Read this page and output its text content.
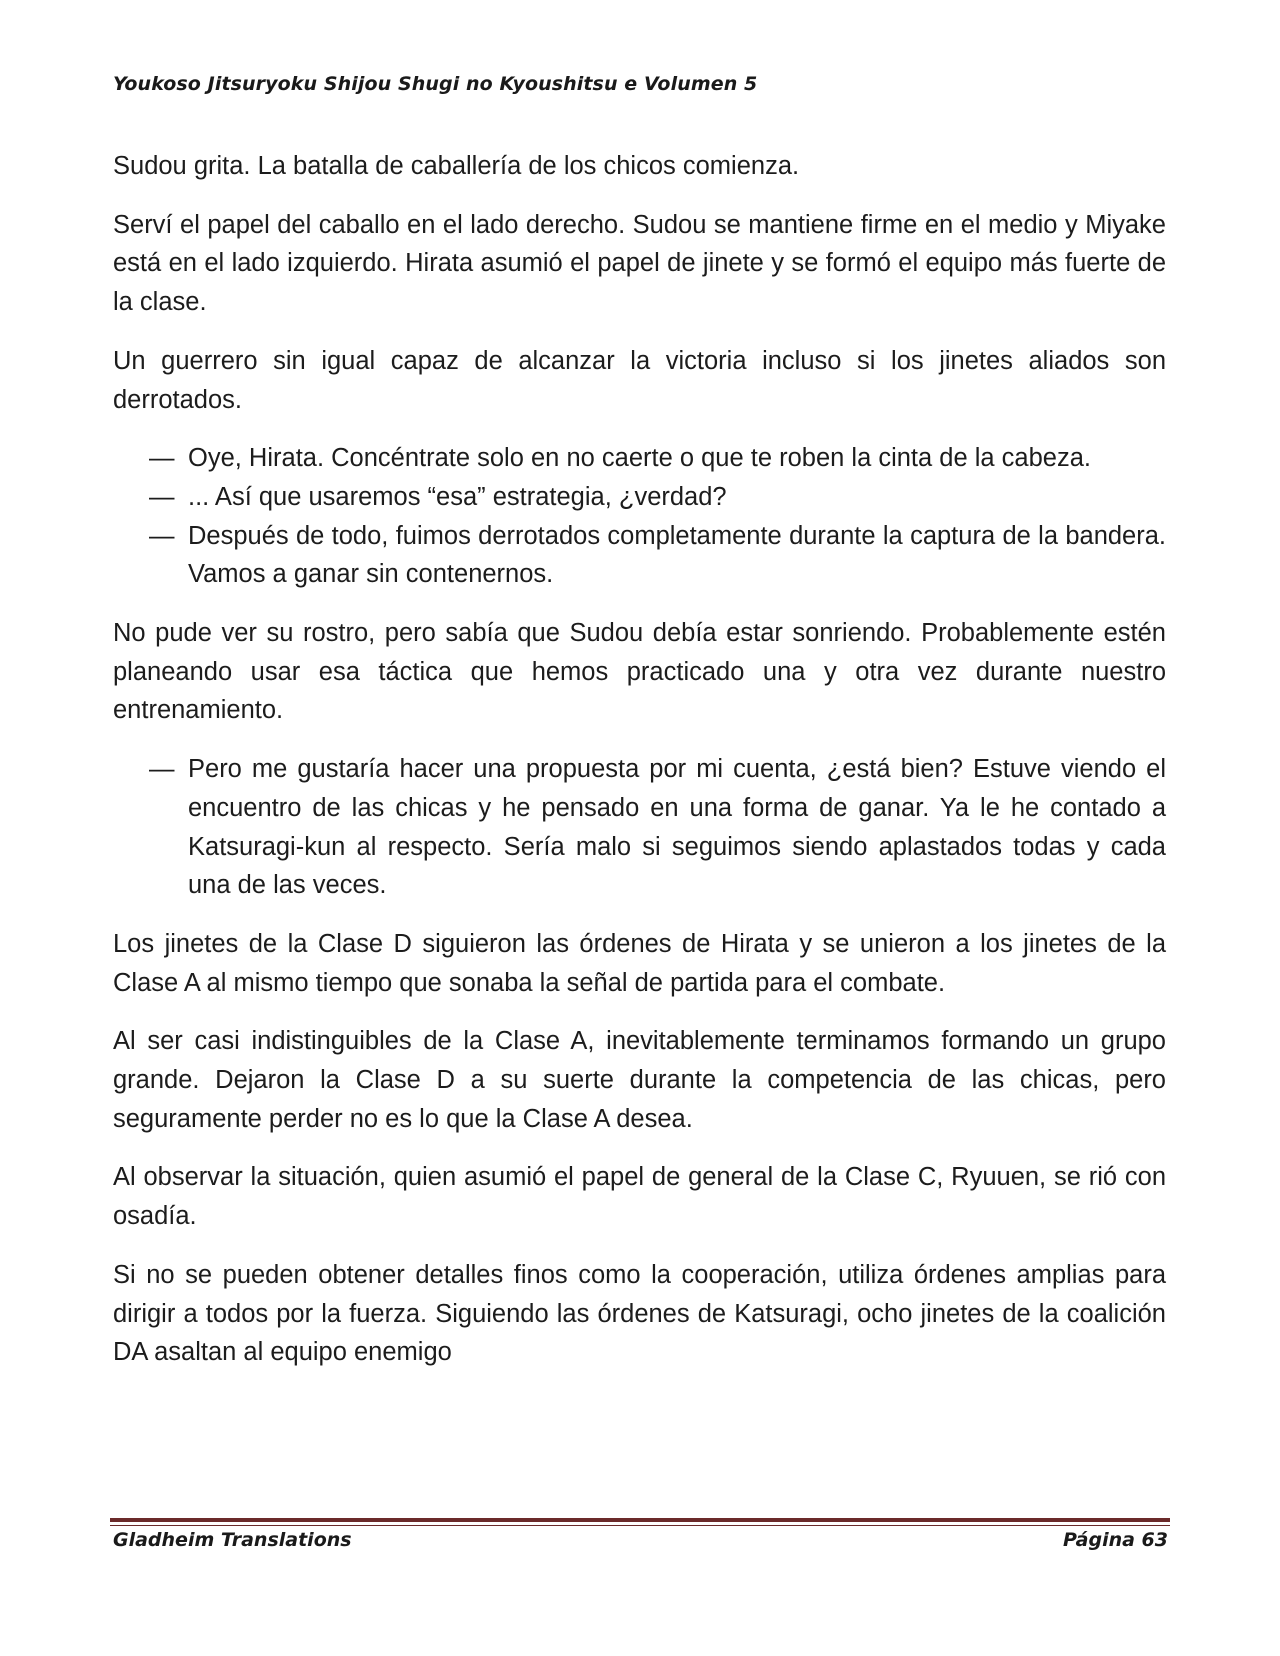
Youkoso Jitsuryoku Shijou Shugi no Kyoushitsu e Volumen 5

Sudou grita. La batalla de caballería de los chicos comienza.

Serví el papel del caballo en el lado derecho. Sudou se mantiene firme en el medio y Miyake está en el lado izquierdo. Hirata asumió el papel de jinete y se formó el equipo más fuerte de la clase.

Un guerrero sin igual capaz de alcanzar la victoria incluso si los jinetes aliados son derrotados.

— Oye, Hirata. Concéntrate solo en no caerte o que te roben la cinta de la cabeza.
— ... Así que usaremos “esa” estrategia, ¿verdad?
— Después de todo, fuimos derrotados completamente durante la captura de la bandera. Vamos a ganar sin contenernos.

No pude ver su rostro, pero sabía que Sudou debía estar sonriendo. Probablemente estén planeando usar esa táctica que hemos practicado una y otra vez durante nuestro entrenamiento.

— Pero me gustaría hacer una propuesta por mi cuenta, ¿está bien? Estuve viendo el encuentro de las chicas y he pensado en una forma de ganar. Ya le he contado a Katsuragi-kun al respecto. Sería malo si seguimos siendo aplastados todas y cada una de las veces.

Los jinetes de la Clase D siguieron las órdenes de Hirata y se unieron a los jinetes de la Clase A al mismo tiempo que sonaba la señal de partida para el combate.

Al ser casi indistinguibles de la Clase A, inevitablemente terminamos formando un grupo grande. Dejaron la Clase D a su suerte durante la competencia de las chicas, pero seguramente perder no es lo que la Clase A desea.

Al observar la situación, quien asumió el papel de general de la Clase C, Ryuuen, se rió con osadía.

Si no se pueden obtener detalles finos como la cooperación, utiliza órdenes amplias para dirigir a todos por la fuerza. Siguiendo las órdenes de Katsuragi, ocho jinetes de la coalición DA asaltan al equipo enemigo

Gladheim Translations	Página 63
